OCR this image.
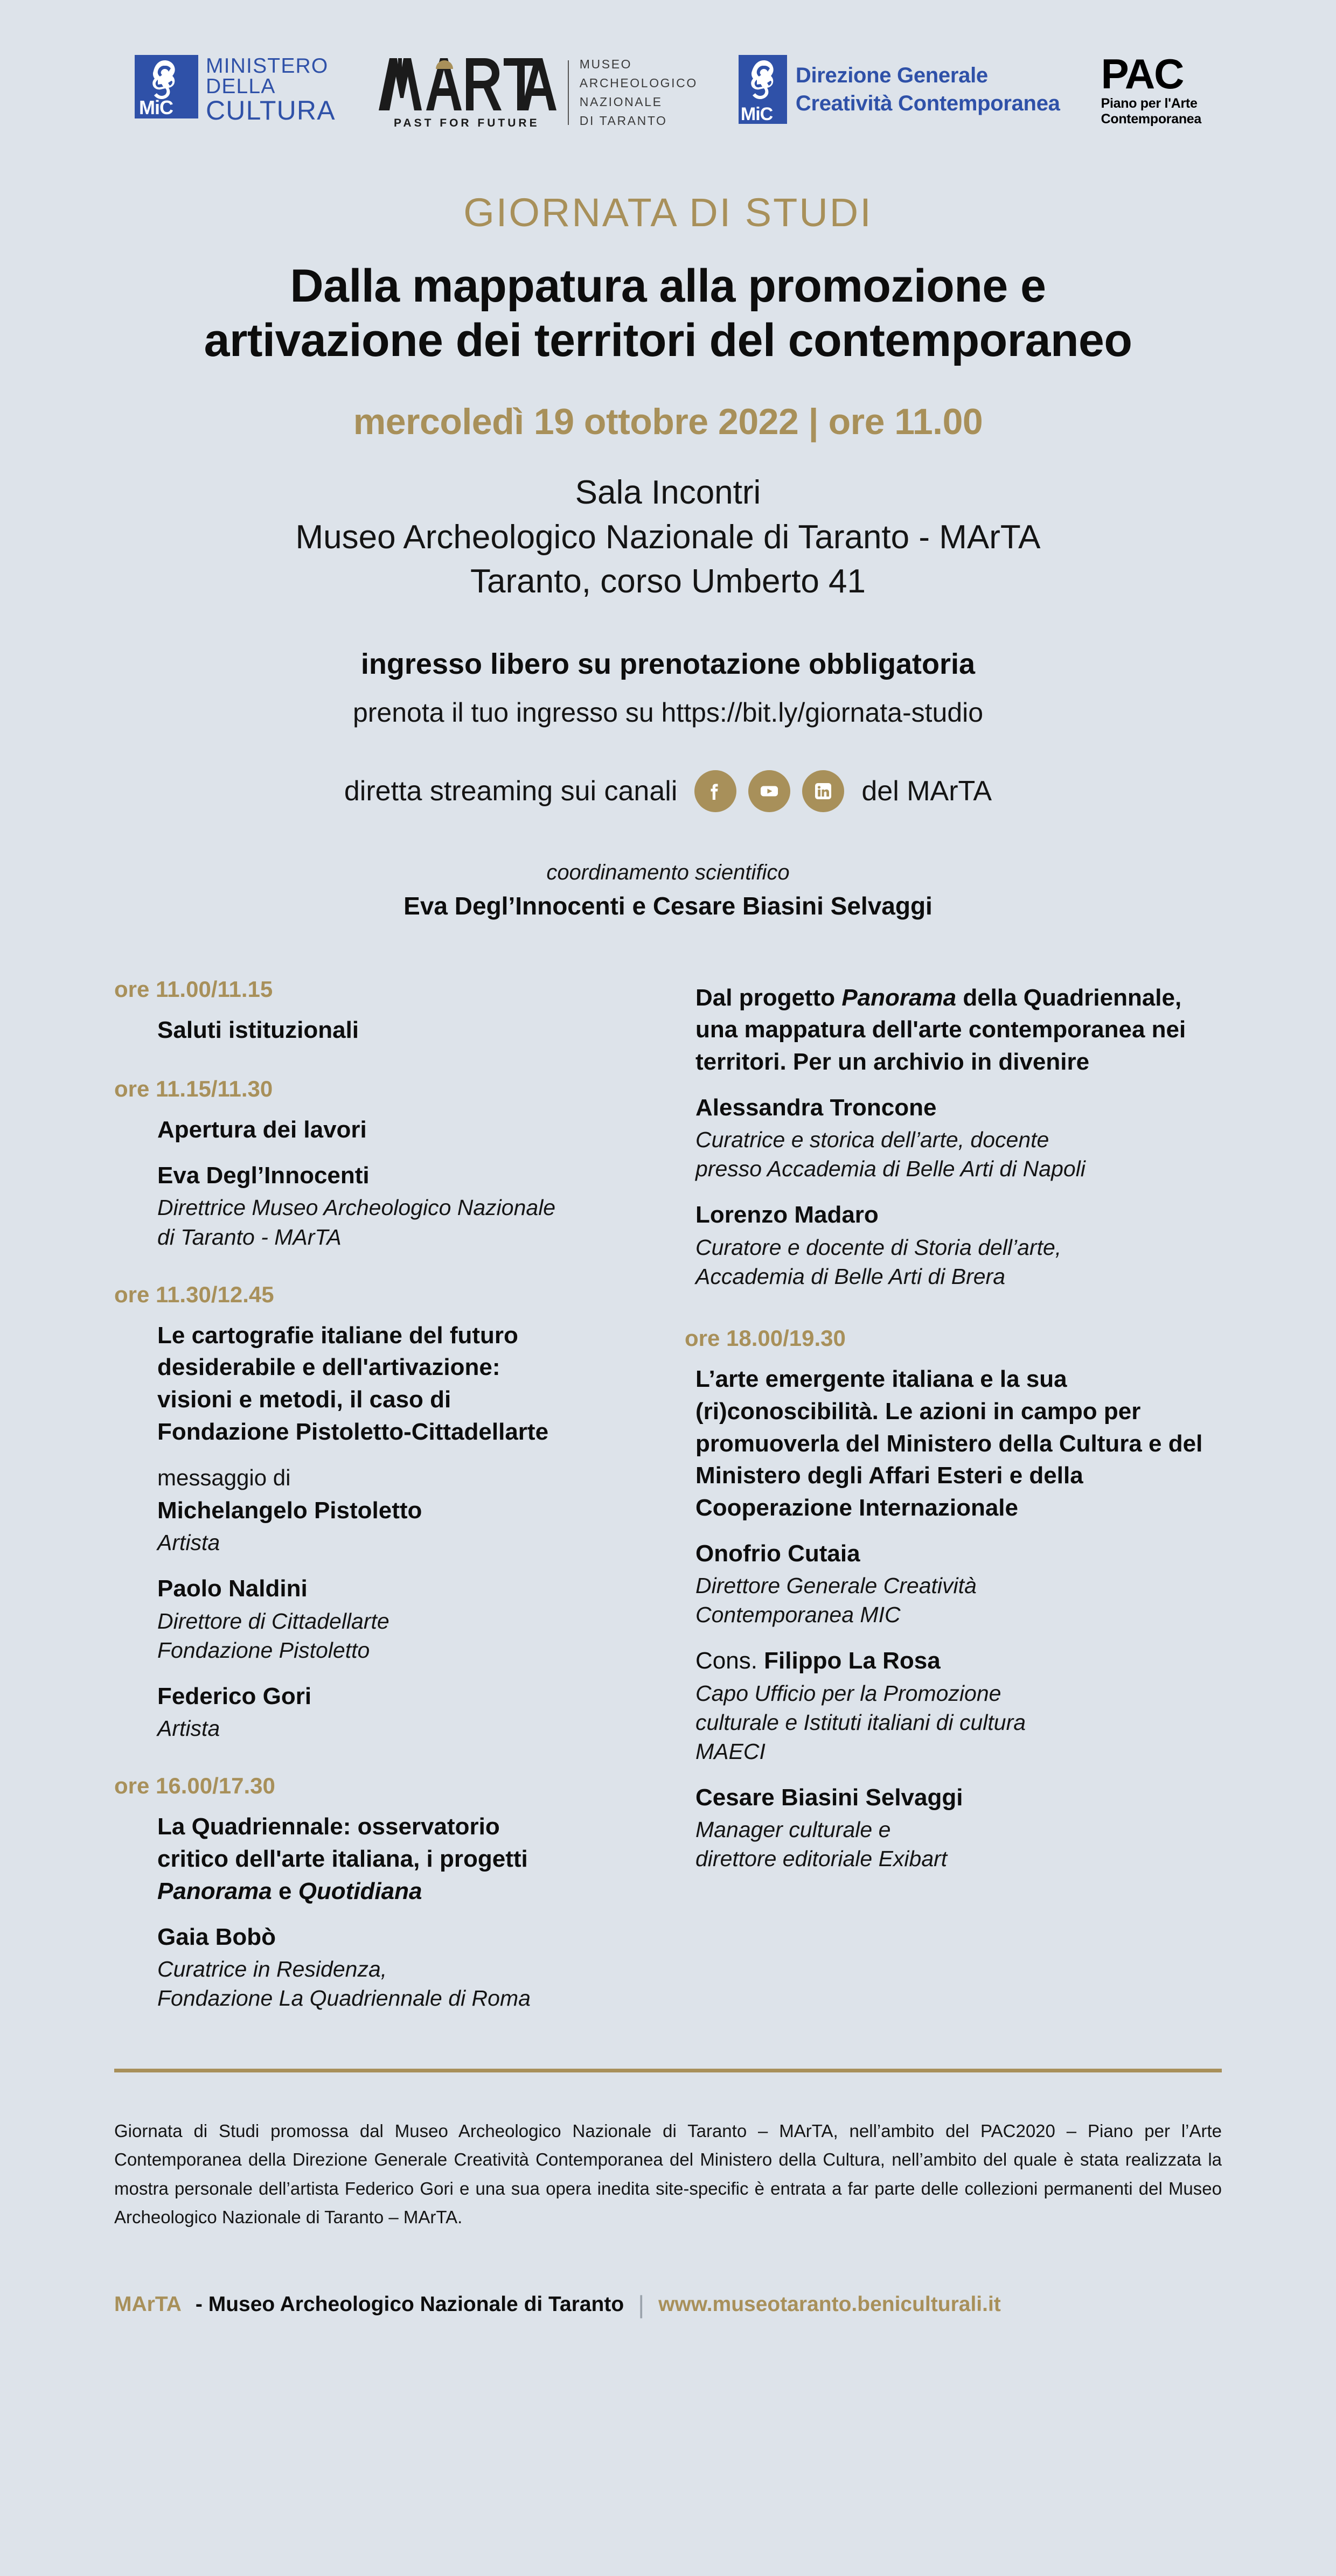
MiC
MINISTERO
DELLA
CULTURA	PAST FOR FUTURE
MUSEO
ARCHEOLOGICO
NAZIONALE
DI TARANTO	MiC
Direzione Generale
Creatività Contemporanea
PAC
Piano per l'Arte
Contemporanea
GIORNATA DI STUDI
Dalla mappatura alla promozione e
artivazione dei territori del contemporaneo
mercoledì 19 ottobre 2022 | ore 11.00
Sala Incontri
Museo Archeologico Nazionale di Taranto - MArTA
Taranto, corso Umberto 41
ingresso libero su prenotazione obbligatoria
prenota il tuo ingresso su https://bit.ly/giornata-studio
diretta streaming sui canali	del MArTA
coordinamento scientifico
Eva Degl’Innocenti e Cesare Biasini Selvaggi
ore 11.00/11.15
Saluti istituzionali
ore 11.15/11.30
Apertura dei lavori
Eva Degl’Innocenti
Direttrice Museo Archeologico Nazionale
di Taranto - MArTA
ore 11.30/12.45
Le cartografie italiane del futuro
desiderabile e dell'artivazione:
visioni e metodi, il caso di
Fondazione Pistoletto-Cittadellarte
messaggio di
Michelangelo Pistoletto
Artista
Paolo Naldini
Direttore di Cittadellarte
Fondazione Pistoletto
Federico Gori
Artista
ore 16.00/17.30
La Quadriennale: osservatorio
critico dell'arte italiana, i progetti
Panorama e Quotidiana
Gaia Bobò
Curatrice in Residenza,
Fondazione La Quadriennale di Roma
Dal progetto Panorama della Quadriennale, una mappatura dell'arte contemporanea nei territori. Per un archivio in divenire
Alessandra Troncone
Curatrice e storica dell’arte, docente
presso Accademia di Belle Arti di Napoli
Lorenzo Madaro
Curatore e docente di Storia dell’arte,
Accademia di Belle Arti di Brera
ore 18.00/19.30
L’arte emergente italiana e la sua (ri)conoscibilità. Le azioni in campo per promuoverla del Ministero della Cultura e del Ministero degli Affari Esteri e della Cooperazione Internazionale
Onofrio Cutaia
Direttore Generale Creatività
Contemporanea MIC
Cons. Filippo La Rosa
Capo Ufficio per la Promozione
culturale e Istituti italiani di cultura
MAECI
Cesare Biasini Selvaggi
Manager culturale e
direttore editoriale Exibart
Giornata di Studi promossa dal Museo Archeologico Nazionale di Taranto – MArTA, nell’ambito del PAC2020 – Piano per l’Arte Contemporanea della Direzione Generale Creatività Contemporanea del Ministero della Cultura, nell’ambito del quale è stata realizzata la mostra personale dell’artista Federico Gori e una sua opera inedita site-specific è entrata a far parte delle collezioni permanenti del Museo Archeologico Nazionale di Taranto – MArTA.
MArTA - Museo Archeologico Nazionale di Taranto | www.museotaranto.beniculturali.it
